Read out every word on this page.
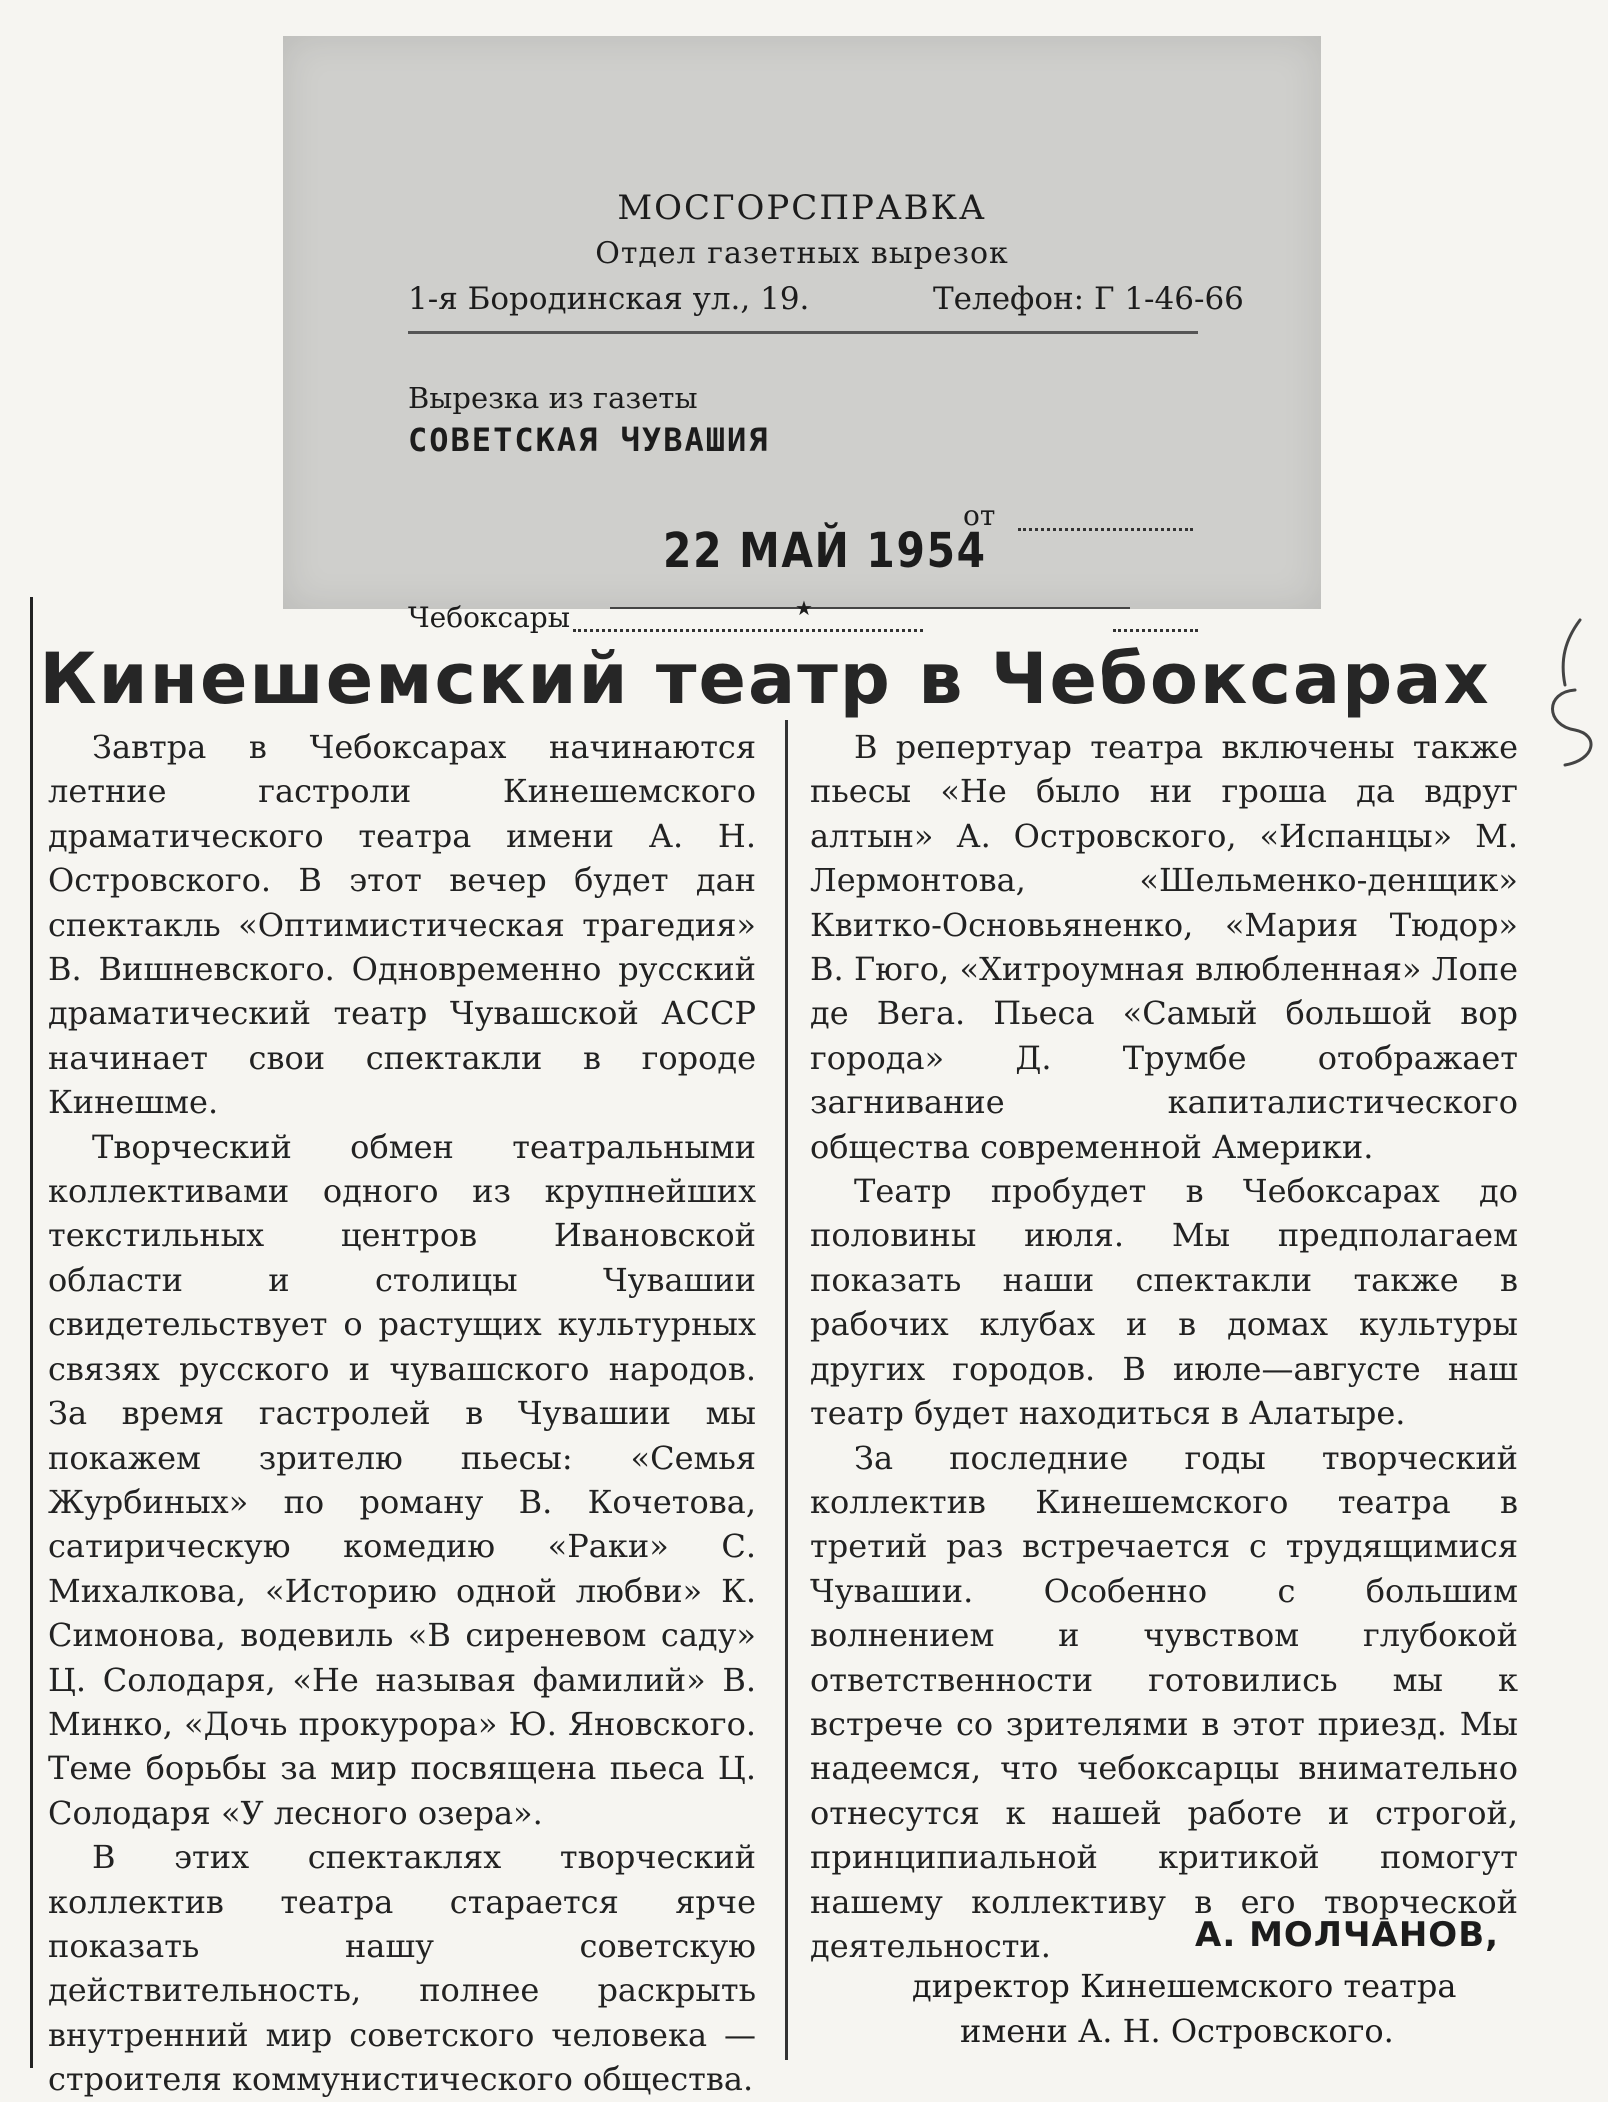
МОСГОРСПРАВКА
Отдел газетных вырезок
1-я Бородинская ул., 19.	Телефон: Г 1-46-66
Вырезка из газеты
СОВЕТСКАЯ ЧУВАШИЯ
от
22 МАЙ 1954
Чебоксары	★
Кинешемский театр в Чебоксарах

Завтра в Чебоксарах начинаются летние гастроли Кинешемского драматического театра имени А. Н. Островского. В этот вечер будет дан спектакль «Оптимистическая трагедия» В. Вишневского. Одновременно русский драматический театр Чувашской АССР начинает свои спектакли в городе Кинешме.

Творческий обмен театральными коллективами одного из крупнейших текстильных центров Ивановской области и столицы Чувашии свидетельствует о растущих культурных связях русского и чувашского народов. За время гастролей в Чувашии мы покажем зрителю пьесы: «Семья Журбиных» по роману В. Кочетова, сатирическую комедию «Раки» С. Михалкова, «Историю одной любви» К. Симонова, водевиль «В сиреневом саду» Ц. Солодаря, «Не называя фамилий» В. Минко, «Дочь прокурора» Ю. Яновского. Теме борьбы за мир посвящена пьеса Ц. Солодаря «У лесного озера».

В этих спектаклях творческий коллектив театра старается ярче показать нашу советскую действительность, полнее раскрыть внутренний мир советского человека — строителя коммунистического общества.

В репертуар театра включены также пьесы «Не было ни гроша да вдруг алтын» А. Островского, «Испанцы» М. Лермонтова, «Шельменко-денщик» Квитко-Основьяненко, «Мария Тюдор» В. Гюго, «Хитроумная влюбленная» Лопе де Вега. Пьеса «Самый большой вор города» Д. Трумбе отображает загнивание капиталистического общества современной Америки.

Театр пробудет в Чебоксарах до половины июля. Мы предполагаем показать наши спектакли также в рабочих клубах и в домах культуры других городов. В июле—августе наш театр будет находиться в Алатыре.

За последние годы творческий коллектив Кинешемского театра в третий раз встречается с трудящимися Чувашии. Особенно с большим волнением и чувством глубокой ответственности готовились мы к встрече со зрителями в этот приезд. Мы надеемся, что чебоксарцы внимательно отнесутся к нашей работе и строгой, принципиальной критикой помогут нашему коллективу в его творческой деятельности.	А. МОЛЧАНОВ,
директор Кинешемского театра
имени А. Н. Островского.
